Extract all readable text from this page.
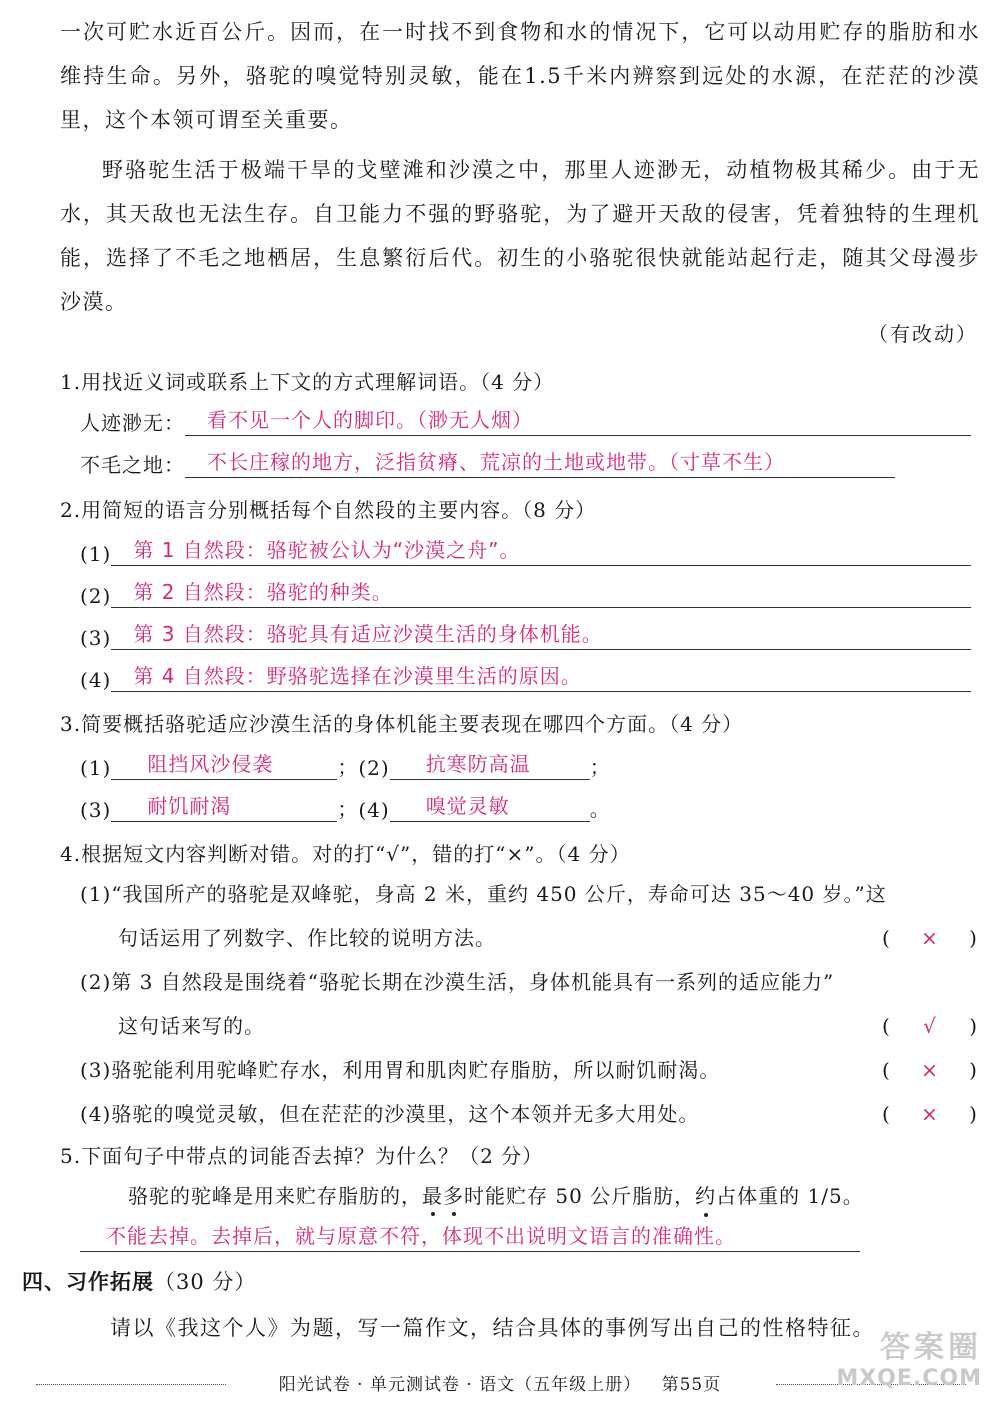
一次可贮水近百公斤。因而，在一时找不到食物和水的情况下，它可以动用贮存的脂肪和水维持生命。另外，骆驼的嗅觉特别灵敏，能在1.5千米内辨察到远处的水源，在茫茫的沙漠里，这个本领可谓至关重要。
野骆驼生活于极端干旱的戈壁滩和沙漠之中，那里人迹渺无，动植物极其稀少。由于无水，其天敌也无法生存。自卫能力不强的野骆驼，为了避开天敌的侵害，凭着独特的生理机能，选择了不毛之地栖居，生息繁衍后代。初生的小骆驼很快就能站起行走，随其父母漫步沙漠。
（有改动）
1.用找近义词或联系上下文的方式理解词语。（4 分）
人迹渺无：	看不见一个人的脚印。（渺无人烟）
不毛之地：	不长庄稼的地方，泛指贫瘠、荒凉的土地或地带。（寸草不生）
2.用简短的语言分别概括每个自然段的主要内容。（8 分）
(1)	第 1 自然段：骆驼被公认为“沙漠之舟”。
(2)	第 2 自然段：骆驼的种类。
(3)	第 3 自然段：骆驼具有适应沙漠生活的身体机能。
(4)	第 4 自然段：野骆驼选择在沙漠里生活的原因。
3.简要概括骆驼适应沙漠生活的身体机能主要表现在哪四个方面。（4 分）
(1)	阻挡风沙侵袭	； (2)	抗寒防高温	；
(3)	耐饥耐渴	； (4)	嗅觉灵敏	。
4.根据短文内容判断对错。对的打“√”，错的打“×”。（4 分）
(1)“我国所产的骆驼是双峰驼，身高 2 米，重约 450 公斤，寿命可达 35～40 岁。”这
句话运用了列数字、作比较的说明方法。	( × )
(2)第 3 自然段是围绕着“骆驼长期在沙漠生活，身体机能具有一系列的适应能力”
这句话来写的。	( √ )
(3)骆驼能利用驼峰贮存水，利用胃和肌肉贮存脂肪，所以耐饥耐渴。	( × )
(4)骆驼的嗅觉灵敏，但在茫茫的沙漠里，这个本领并无多大用处。	( × )
5.下面句子中带点的词能否去掉？为什么？（2 分）
骆驼的驼峰是用来贮存脂肪的， 最多 时能贮存 50 公斤脂肪， 约 占体重的 1/5。
不能去掉。去掉后，就与原意不符，体现不出说明文语言的准确性。
四、习作拓展（30 分）
请以《我这个人》为题，写一篇作文，结合具体的事例写出自己的性格特征。
阳光试卷 · 单元测试卷 · 语文（五年级上册） 第55页
答案圈
MXQE.COM
